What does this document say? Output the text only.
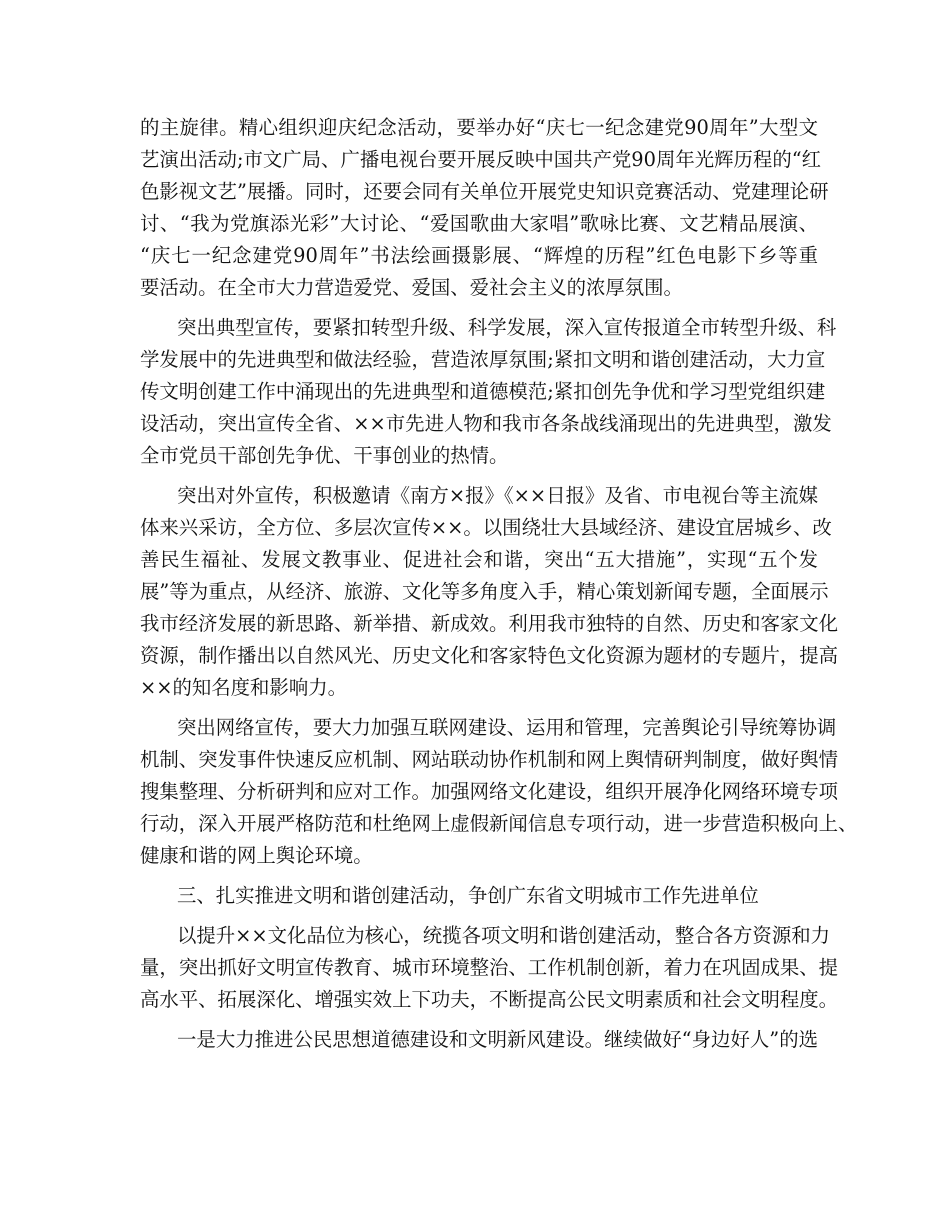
的主旋律。精心组织迎庆纪念活动，要举办好“庆七一纪念建党90周年”大型文
艺演出活动;市文广局、广播电视台要开展反映中国共产党90周年光辉历程的“红
色影视文艺”展播。同时，还要会同有关单位开展党史知识竞赛活动、党建理论研
讨、“我为党旗添光彩”大讨论、“爱国歌曲大家唱”歌咏比赛、文艺精品展演、
“庆七一纪念建党90周年”书法绘画摄影展、“辉煌的历程”红色电影下乡等重
要活动。在全市大力营造爱党、爱国、爱社会主义的浓厚氛围。
突出典型宣传，要紧扣转型升级、科学发展，深入宣传报道全市转型升级、科
学发展中的先进典型和做法经验，营造浓厚氛围;紧扣文明和谐创建活动，大力宣
传文明创建工作中涌现出的先进典型和道德模范;紧扣创先争优和学习型党组织建
设活动，突出宣传全省、××市先进人物和我市各条战线涌现出的先进典型，激发
全市党员干部创先争优、干事创业的热情。
突出对外宣传，积极邀请《南方×报》《××日报》及省、市电视台等主流媒
体来兴采访，全方位、多层次宣传××。以围绕壮大县域经济、建设宜居城乡、改
善民生福祉、发展文教事业、促进社会和谐，突出“五大措施”，实现“五个发
展”等为重点，从经济、旅游、文化等多角度入手，精心策划新闻专题，全面展示
我市经济发展的新思路、新举措、新成效。利用我市独特的自然、历史和客家文化
资源，制作播出以自然风光、历史文化和客家特色文化资源为题材的专题片，提高
××的知名度和影响力。
突出网络宣传，要大力加强互联网建设、运用和管理，完善舆论引导统筹协调
机制、突发事件快速反应机制、网站联动协作机制和网上舆情研判制度，做好舆情
搜集整理、分析研判和应对工作。加强网络文化建设，组织开展净化网络环境专项
行动，深入开展严格防范和杜绝网上虚假新闻信息专项行动，进一步营造积极向上、
健康和谐的网上舆论环境。
三、扎实推进文明和谐创建活动，争创广东省文明城市工作先进单位
以提升××文化品位为核心，统揽各项文明和谐创建活动，整合各方资源和力
量，突出抓好文明宣传教育、城市环境整治、工作机制创新，着力在巩固成果、提
高水平、拓展深化、增强实效上下功夫，不断提高公民文明素质和社会文明程度。
一是大力推进公民思想道德建设和文明新风建设。继续做好“身边好人”的选
